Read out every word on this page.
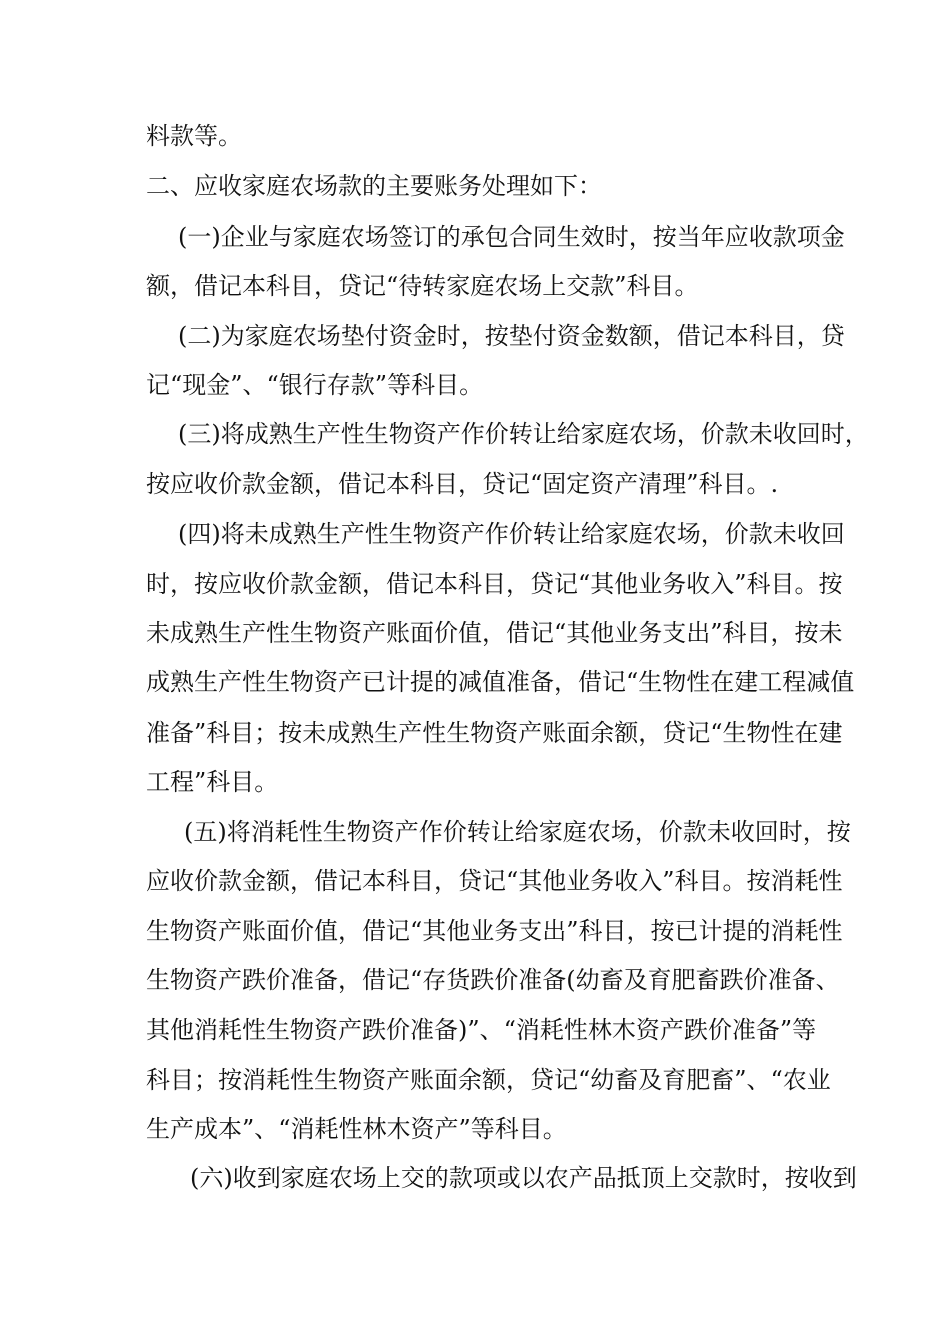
料款等。
二、应收家庭农场款的主要账务处理如下：
(一)企业与家庭农场签订的承包合同生效时，按当年应收款项金
额，借记本科目，贷记“待转家庭农场上交款”科目。
(二)为家庭农场垫付资金时，按垫付资金数额，借记本科目，贷
记“现金”、“银行存款”等科目。
(三)将成熟生产性生物资产作价转让给家庭农场，价款未收回时，
按应收价款金额，借记本科目，贷记“固定资产清理”科目。.
(四)将未成熟生产性生物资产作价转让给家庭农场，价款未收回
时，按应收价款金额，借记本科目，贷记“其他业务收入”科目。按
未成熟生产性生物资产账面价值，借记“其他业务支出”科目，按未
成熟生产性生物资产已计提的减值准备，借记“生物性在建工程减值
准备”科目；按未成熟生产性生物资产账面余额，贷记“生物性在建
工程”科目。
(五)将消耗性生物资产作价转让给家庭农场，价款未收回时，按
应收价款金额，借记本科目，贷记“其他业务收入”科目。按消耗性
生物资产账面价值，借记“其他业务支出”科目，按已计提的消耗性
生物资产跌价准备，借记“存货跌价准备(幼畜及育肥畜跌价准备、
其他消耗性生物资产跌价准备)”、“消耗性林木资产跌价准备”等
科目；按消耗性生物资产账面余额，贷记“幼畜及育肥畜”、“农业
生产成本”、“消耗性林木资产”等科目。
(六)收到家庭农场上交的款项或以农产品抵顶上交款时，按收到
